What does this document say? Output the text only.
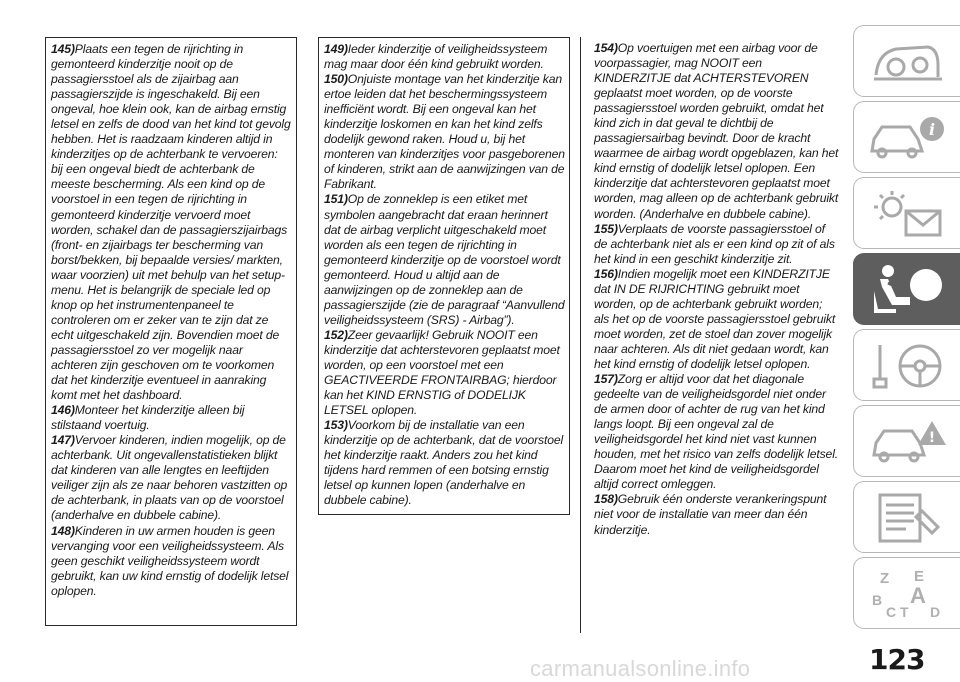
145)Plaats een tegen de rijrichting in gemonteerd kinderzitje nooit op de passagiersstoel als de zijairbag aan passagierszijde is ingeschakeld. Bij een ongeval, hoe klein ook, kan de airbag ernstig letsel en zelfs de dood van het kind tot gevolg hebben. Het is raadzaam kinderen altijd in kinderzitjes op de achterbank te vervoeren: bij een ongeval biedt de achterbank de meeste bescherming. Als een kind op de voorstoel in een tegen de rijrichting in gemonteerd kinderzitje vervoerd moet worden, schakel dan de passagierszijairbags (front- en zijairbags ter bescherming van borst/bekken, bij bepaalde versies/ markten, waar voorzien) uit met behulp van het setup-menu. Het is belangrijk de speciale led op knop op het instrumentenpaneel te controleren om er zeker van te zijn dat ze echt uitgeschakeld zijn. Bovendien moet de passagiersstoel zo ver mogelijk naar achteren zijn geschoven om te voorkomen dat het kinderzitje eventueel in aanraking komt met het dashboard.

146)Monteer het kinderzitje alleen bij stilstaand voertuig.

147)Vervoer kinderen, indien mogelijk, op de achterbank. Uit ongevallenstatistieken blijkt dat kinderen van alle lengtes en leeftijden veiliger zijn als ze naar behoren vastzitten op de achterbank, in plaats van op de voorstoel (anderhalve en dubbele cabine).

148)Kinderen in uw armen houden is geen vervanging voor een veiligheidssysteem. Als geen geschikt veiligheidssysteem wordt gebruikt, kan uw kind ernstig of dodelijk letsel oplopen.

149)Ieder kinderzitje of veiligheidssysteem mag maar door één kind gebruikt worden.

150)Onjuiste montage van het kinderzitje kan ertoe leiden dat het beschermingssysteem inefficiënt wordt. Bij een ongeval kan het kinderzitje loskomen en kan het kind zelfs dodelijk gewond raken. Houd u, bij het monteren van kinderzitjes voor pasgeborenen of kinderen, strikt aan de aanwijzingen van de Fabrikant.

151)Op de zonneklep is een etiket met symbolen aangebracht dat eraan herinnert dat de airbag verplicht uitgeschakeld moet worden als een tegen de rijrichting in gemonteerd kinderzitje op de voorstoel wordt gemonteerd. Houd u altijd aan de aanwijzingen op de zonneklep aan de passagierszijde (zie de paragraaf “Aanvullend veiligheidssysteem (SRS) - Airbag”).

152)Zeer gevaarlijk! Gebruik NOOIT een kinderzitje dat achterstevoren geplaatst moet worden, op een voorstoel met een GEACTIVEERDE FRONTAIRBAG; hierdoor kan het KIND ERNSTIG of DODELIJK LETSEL oplopen.

153)Voorkom bij de installatie van een kinderzitje op de achterbank, dat de voorstoel het kinderzitje raakt. Anders zou het kind tijdens hard remmen of een botsing ernstig letsel op kunnen lopen (anderhalve en dubbele cabine).

154)Op voertuigen met een airbag voor de voorpassagier, mag NOOIT een KINDERZITJE dat ACHTERSTEVOREN geplaatst moet worden, op de voorste passagiersstoel worden gebruikt, omdat het kind zich in dat geval te dichtbij de passagiersairbag bevindt. Door de kracht waarmee de airbag wordt opgeblazen, kan het kind ernstig of dodelijk letsel oplopen. Een kinderzitje dat achterstevoren geplaatst moet worden, mag alleen op de achterbank gebruikt worden. (Anderhalve en dubbele cabine).

155)Verplaats de voorste passagiersstoel of de achterbank niet als er een kind op zit of als het kind in een geschikt kinderzitje zit.

156)Indien mogelijk moet een KINDERZITJE dat IN DE RIJRICHTING gebruikt moet worden, op de achterbank gebruikt worden; als het op de voorste passagiersstoel gebruikt moet worden, zet de stoel dan zover mogelijk naar achteren. Als dit niet gedaan wordt, kan het kind ernstig of dodelijk letsel oplopen.

157)Zorg er altijd voor dat het diagonale gedeelte van de veiligheidsgordel niet onder de armen door of achter de rug van het kind langs loopt. Bij een ongeval zal de veiligheidsgordel het kind niet vast kunnen houden, met het risico van zelfs dodelijk letsel. Daarom moet het kind de veiligheidsgordel altijd correct omleggen.

158)Gebruik één onderste verankeringspunt niet voor de installatie van meer dan één kinderzitje.

i
!
Z E
A
B
C T D
carmanualsonline.info	123
